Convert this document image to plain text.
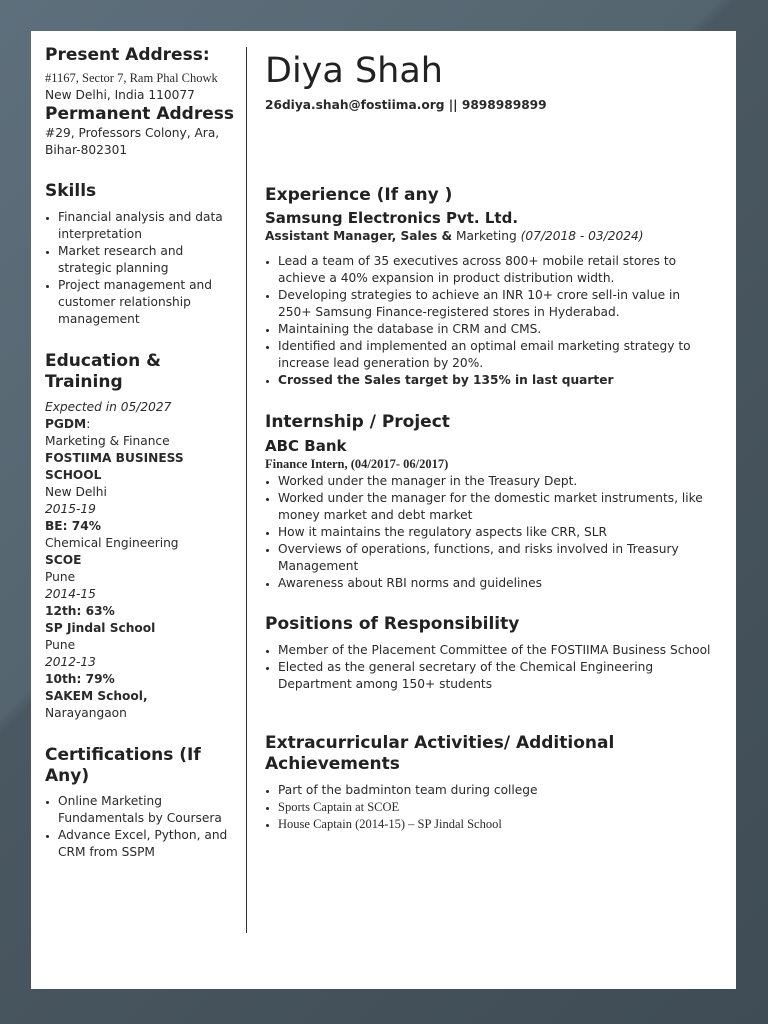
Present Address:
#1167, Sector 7, Ram Phal Chowk
New Delhi, India 110077
Permanent Address
#29, Professors Colony, Ara,
Bihar-802301
Skills
• Financial analysis and data interpretation
• Market research and strategic planning
• Project management and customer relationship management
Education & Training
Expected in 05/2027
PGDM:
Marketing & Finance
FOSTIIMA BUSINESS SCHOOL
New Delhi
2015-19
BE: 74%
Chemical Engineering
SCOE
Pune
2014-15
12th: 63%
SP Jindal School
Pune
2012-13
10th: 79%
SAKEM School,
Narayangaon
Certifications (If Any)
• Online Marketing Fundamentals by Coursera
• Advance Excel, Python, and CRM from SSPM
Diya Shah
26diya.shah@fostiima.org || 9898989899
Experience (If any )
Samsung Electronics Pvt. Ltd.
Assistant Manager, Sales & Marketing (07/2018 - 03/2024)
• Lead a team of 35 executives across 800+ mobile retail stores to achieve a 40% expansion in product distribution width.
• Developing strategies to achieve an INR 10+ crore sell-in value in 250+ Samsung Finance-registered stores in Hyderabad.
• Maintaining the database in CRM and CMS.
• Identified and implemented an optimal email marketing strategy to increase lead generation by 20%.
• Crossed the Sales target by 135% in last quarter
Internship / Project
ABC Bank
Finance Intern, (04/2017- 06/2017)
• Worked under the manager in the Treasury Dept.
• Worked under the manager for the domestic market instruments, like money market and debt market
• How it maintains the regulatory aspects like CRR, SLR
• Overviews of operations, functions, and risks involved in Treasury Management
• Awareness about RBI norms and guidelines
Positions of Responsibility
• Member of the Placement Committee of the FOSTIIMA Business School
• Elected as the general secretary of the Chemical Engineering Department among 150+ students
Extracurricular Activities/ Additional Achievements
• Part of the badminton team during college
• Sports Captain at SCOE
• House Captain (2014-15) – SP Jindal School
